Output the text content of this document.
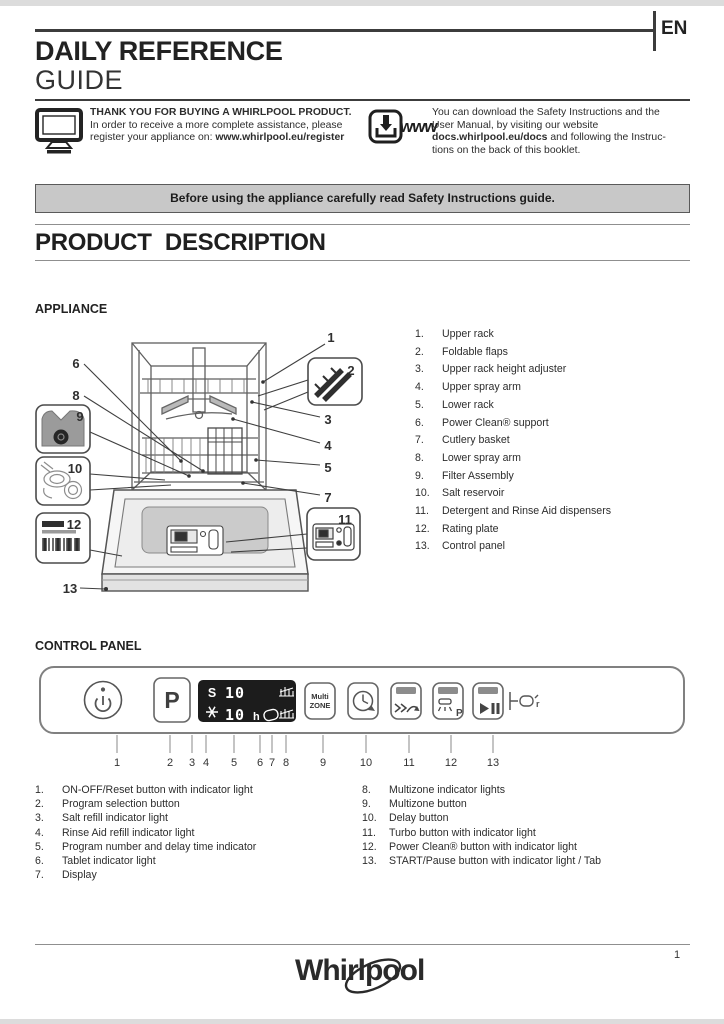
EN
DAILY REFERENCE
GUIDE
THANK YOU FOR BUYING A WHIRLPOOL PRODUCT.
In order to receive a more complete assistance, please
register your appliance on: www.whirlpool.eu/register
www
You can download the Safety Instructions and the
User Manual, by visiting our website
docs.whirlpool.eu/docs and following the Instruc-
tions on the back of this booklet.
Before using the appliance carefully read Safety Instructions guide.
PRODUCT DESCRIPTION
APPLIANCE
1
2
3
4
5
6
7
8
9
10
11
12
13
1.	Upper rack
2.	Foldable flaps
3.	Upper rack height adjuster
4.	Upper spray arm
5.	Lower rack
6.	Power Clean® support
7.	Cutlery basket
8.	Lower spray arm
9.	Filter Assembly
10.	Salt reservoir
11.	Detergent and Rinse Aid dispensers
12.	Rating plate
13.	Control panel
CONTROL PANEL
P S 10
10 h
Multi
ZONE
P
r
1	2 3 4 5 6 7 8	9	10	11	12	13
1.	ON-OFF/Reset button with indicator light
2.	Program selection button
3.	Salt refill indicator light
4.	Rinse Aid refill indicator light
5.	Program number and delay time indicator
6.	Tablet indicator light
7.	Display
8.	Multizone indicator lights
9.	Multizone button
10.	Delay button
11.	Turbo button with indicator light
12.	Power Clean® button with indicator light
13.	START/Pause button with indicator light / Tab
Whirlpool	1
